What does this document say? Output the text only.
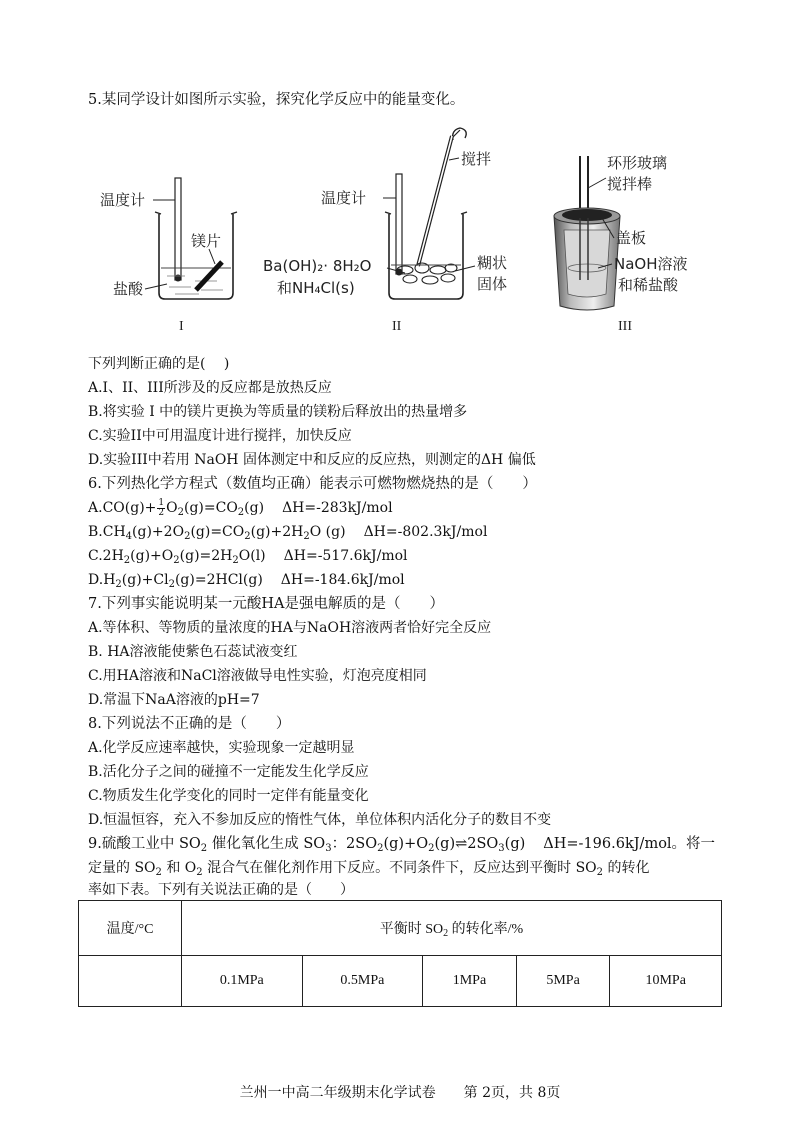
5.某同学设计如图所示实验，探究化学反应中的能量变化。
温度计
镁片
盐酸
I
搅拌
温度计
Ba(OH)₂· 8H₂O
和NH₄Cl(s)
糊状
固体
II
环形玻璃
搅拌棒
盖板
NaOH溶液
和稀盐酸
III
下列判断正确的是(　 )
A.I、II、III所涉及的反应都是放热反应
B.将实验 I 中的镁片更换为等质量的镁粉后释放出的热量增多
C.实验II中可用温度计进行搅拌，加快反应
D.实验III中若用 NaOH 固体测定中和反应的反应热，则测定的ΔH 偏低
6.下列热化学方程式（数值均正确）能表示可燃物燃烧热的是（　　）
$A.CO(g)+ \frac{1}{2} O_2(g)=CO_2(g)$ ΔH=-283kJ/mol
$B.CH_4(g)+2O_2(g)=CO_2(g)+2H_2O$ (g) ΔH=-802.3kJ/mol
$C.2H_2(g)+O_2(g)=2H_2O(l)$ ΔH=-517.6kJ/mol
$D.H_2(g)+Cl_2(g)=2HCl(g)$ ΔH=-184.6kJ/mol
7.下列事实能说明某一元酸HA是强电解质的是（　　）
A.等体积、等物质的量浓度的HA与NaOH溶液两者恰好完全反应
B. HA溶液能使紫色石蕊试液变红
C.用HA溶液和NaCl溶液做导电性实验，灯泡亮度相同
D.常温下NaA溶液的pH=7
8.下列说法不正确的是（　　）
A.化学反应速率越快，实验现象一定越明显
B.活化分子之间的碰撞不一定能发生化学反应
C.物质发生化学变化的同时一定伴有能量变化
D.恒温恒容，充入不参加反应的惰性气体，单位体积内活化分子的数目不变
9.硫酸工业中 $SO_2$ 催化氧化生成 $SO_3$：$2SO_2(g)+O_2(g)\rightleftharpoons 2SO_3(g)$ ΔH=-196.6kJ/mol。将一
定量的 $SO_2$ 和 $O_2$ 混合气在催化剂作用下反应。不同条件下，反应达到平衡时 $SO_2$ 的转化
率如下表。下列有关说法正确的是（　　）
温度/°C	平衡时 $SO_2$ 的转化率/%				
	0.1MPa	0.5MPa	1MPa	5MPa	10MPa
兰州一中高二年级期末化学试卷 第 2页，共 8页
